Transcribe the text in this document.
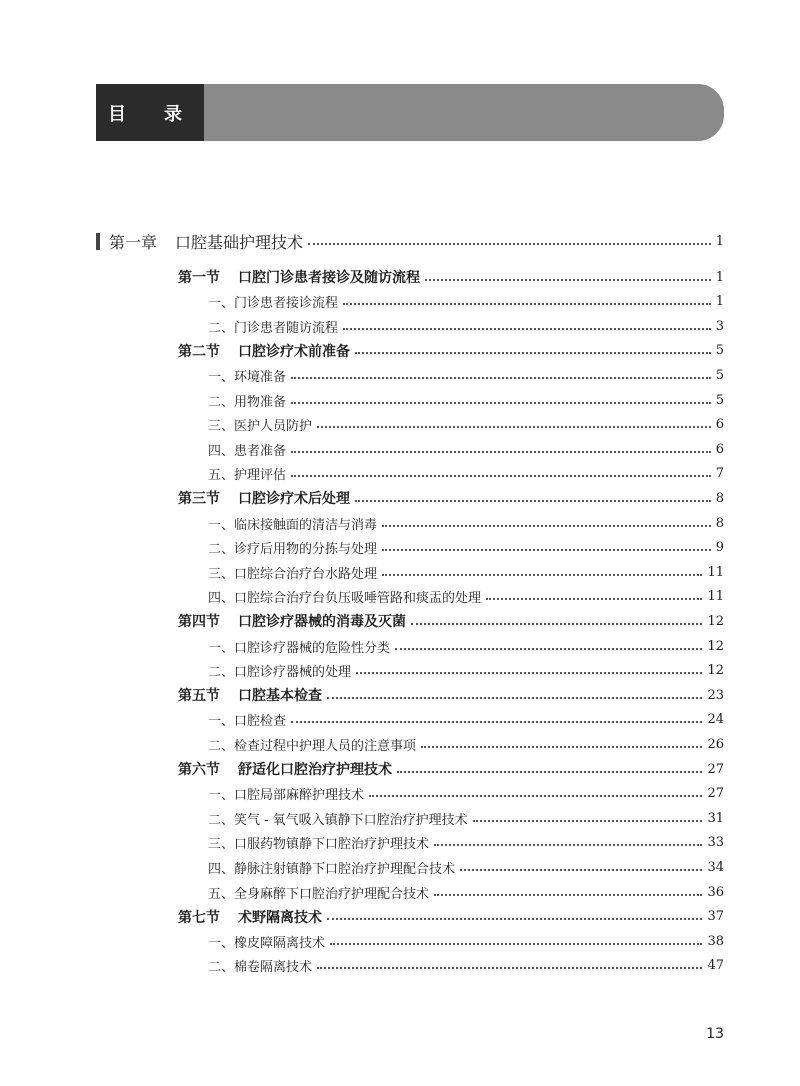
目　录
第一章 口腔基础护理技术	1
第一节 口腔门诊患者接诊及随访流程	1
一、门诊患者接诊流程	1
二、门诊患者随访流程	3
第二节 口腔诊疗术前准备	5
一、环境准备	5
二、用物准备	5
三、医护人员防护	6
四、患者准备	6
五、护理评估	7
第三节 口腔诊疗术后处理	8
一、临床接触面的清洁与消毒	8
二、诊疗后用物的分拣与处理	9
三、口腔综合治疗台水路处理	11
四、口腔综合治疗台负压吸唾管路和痰盂的处理	11
第四节 口腔诊疗器械的消毒及灭菌	12
一、口腔诊疗器械的危险性分类	12
二、口腔诊疗器械的处理	12
第五节 口腔基本检查	23
一、口腔检查	24
二、检查过程中护理人员的注意事项	26
第六节 舒适化口腔治疗护理技术	27
一、口腔局部麻醉护理技术	27
二、笑气 - 氧气吸入镇静下口腔治疗护理技术	31
三、口服药物镇静下口腔治疗护理技术	33
四、静脉注射镇静下口腔治疗护理配合技术	34
五、全身麻醉下口腔治疗护理配合技术	36
第七节 术野隔离技术	37
一、橡皮障隔离技术	38
二、棉卷隔离技术	47
13
